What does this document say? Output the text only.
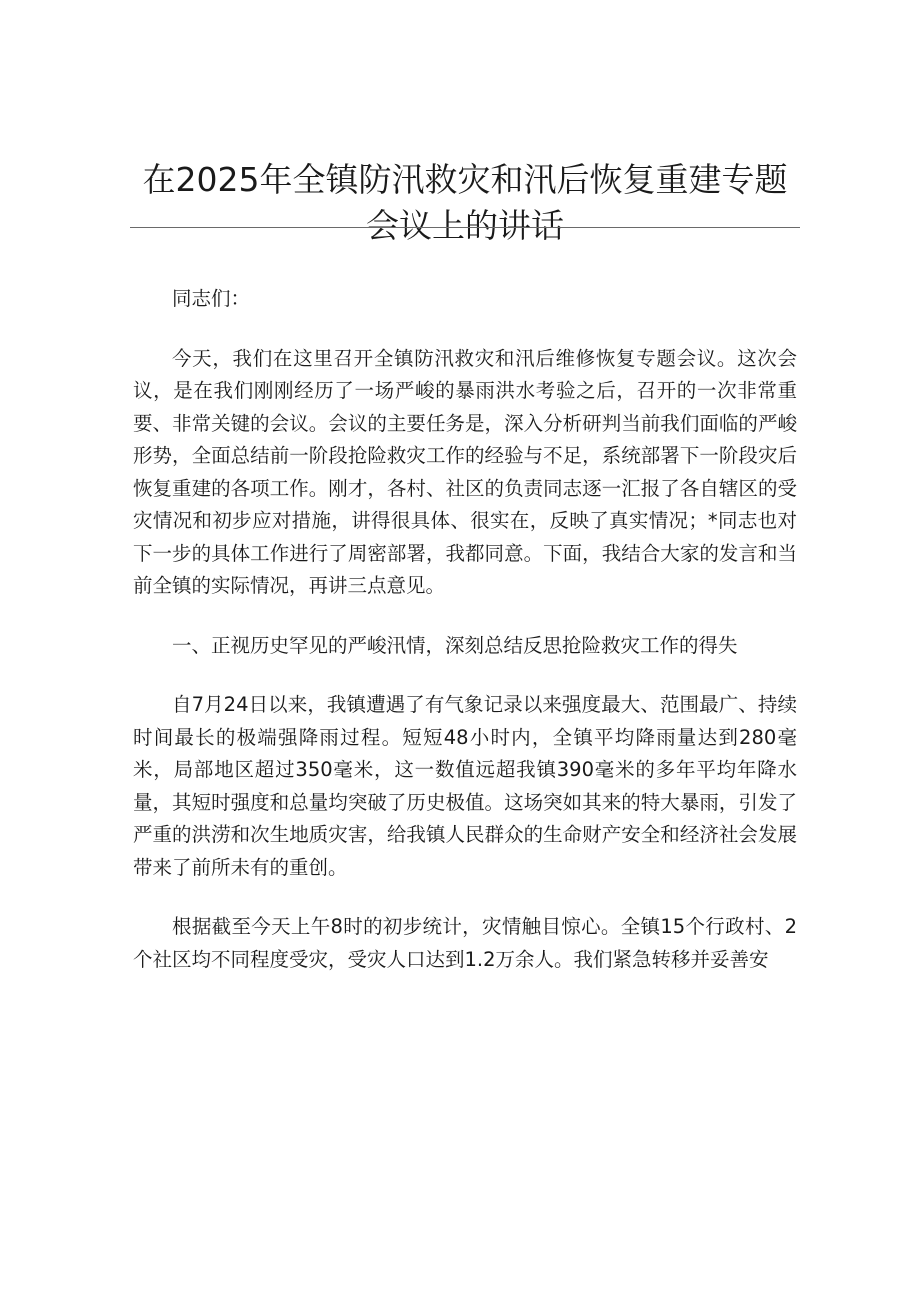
在2025年全镇防汛救灾和汛后恢复重建专题
会议上的讲话

同志们：

今天，我们在这里召开全镇防汛救灾和汛后维修恢复专题会议。这次会议，是在我们刚刚经历了一场严峻的暴雨洪水考验之后，召开的一次非常重要、非常关键的会议。会议的主要任务是，深入分析研判当前我们面临的严峻形势，全面总结前一阶段抢险救灾工作的经验与不足，系统部署下一阶段灾后恢复重建的各项工作。刚才，各村、社区的负责同志逐一汇报了各自辖区的受灾情况和初步应对措施，讲得很具体、很实在，反映了真实情况；*同志也对下一步的具体工作进行了周密部署，我都同意。下面，我结合大家的发言和当前全镇的实际情况，再讲三点意见。

一、正视历史罕见的严峻汛情，深刻总结反思抢险救灾工作的得失

自7月24日以来，我镇遭遇了有气象记录以来强度最大、范围最广、持续时间最长的极端强降雨过程。短短48小时内，全镇平均降雨量达到280毫米，局部地区超过350毫米，这一数值远超我镇390毫米的多年平均年降水量，其短时强度和总量均突破了历史极值。这场突如其来的特大暴雨，引发了严重的洪涝和次生地质灾害，给我镇人民群众的生命财产安全和经济社会发展带来了前所未有的重创。

根据截至今天上午8时的初步统计，灾情触目惊心。全镇15个行政村、2个社区均不同程度受灾，受灾人口达到1.2万余人。我们紧急转移并妥善安
